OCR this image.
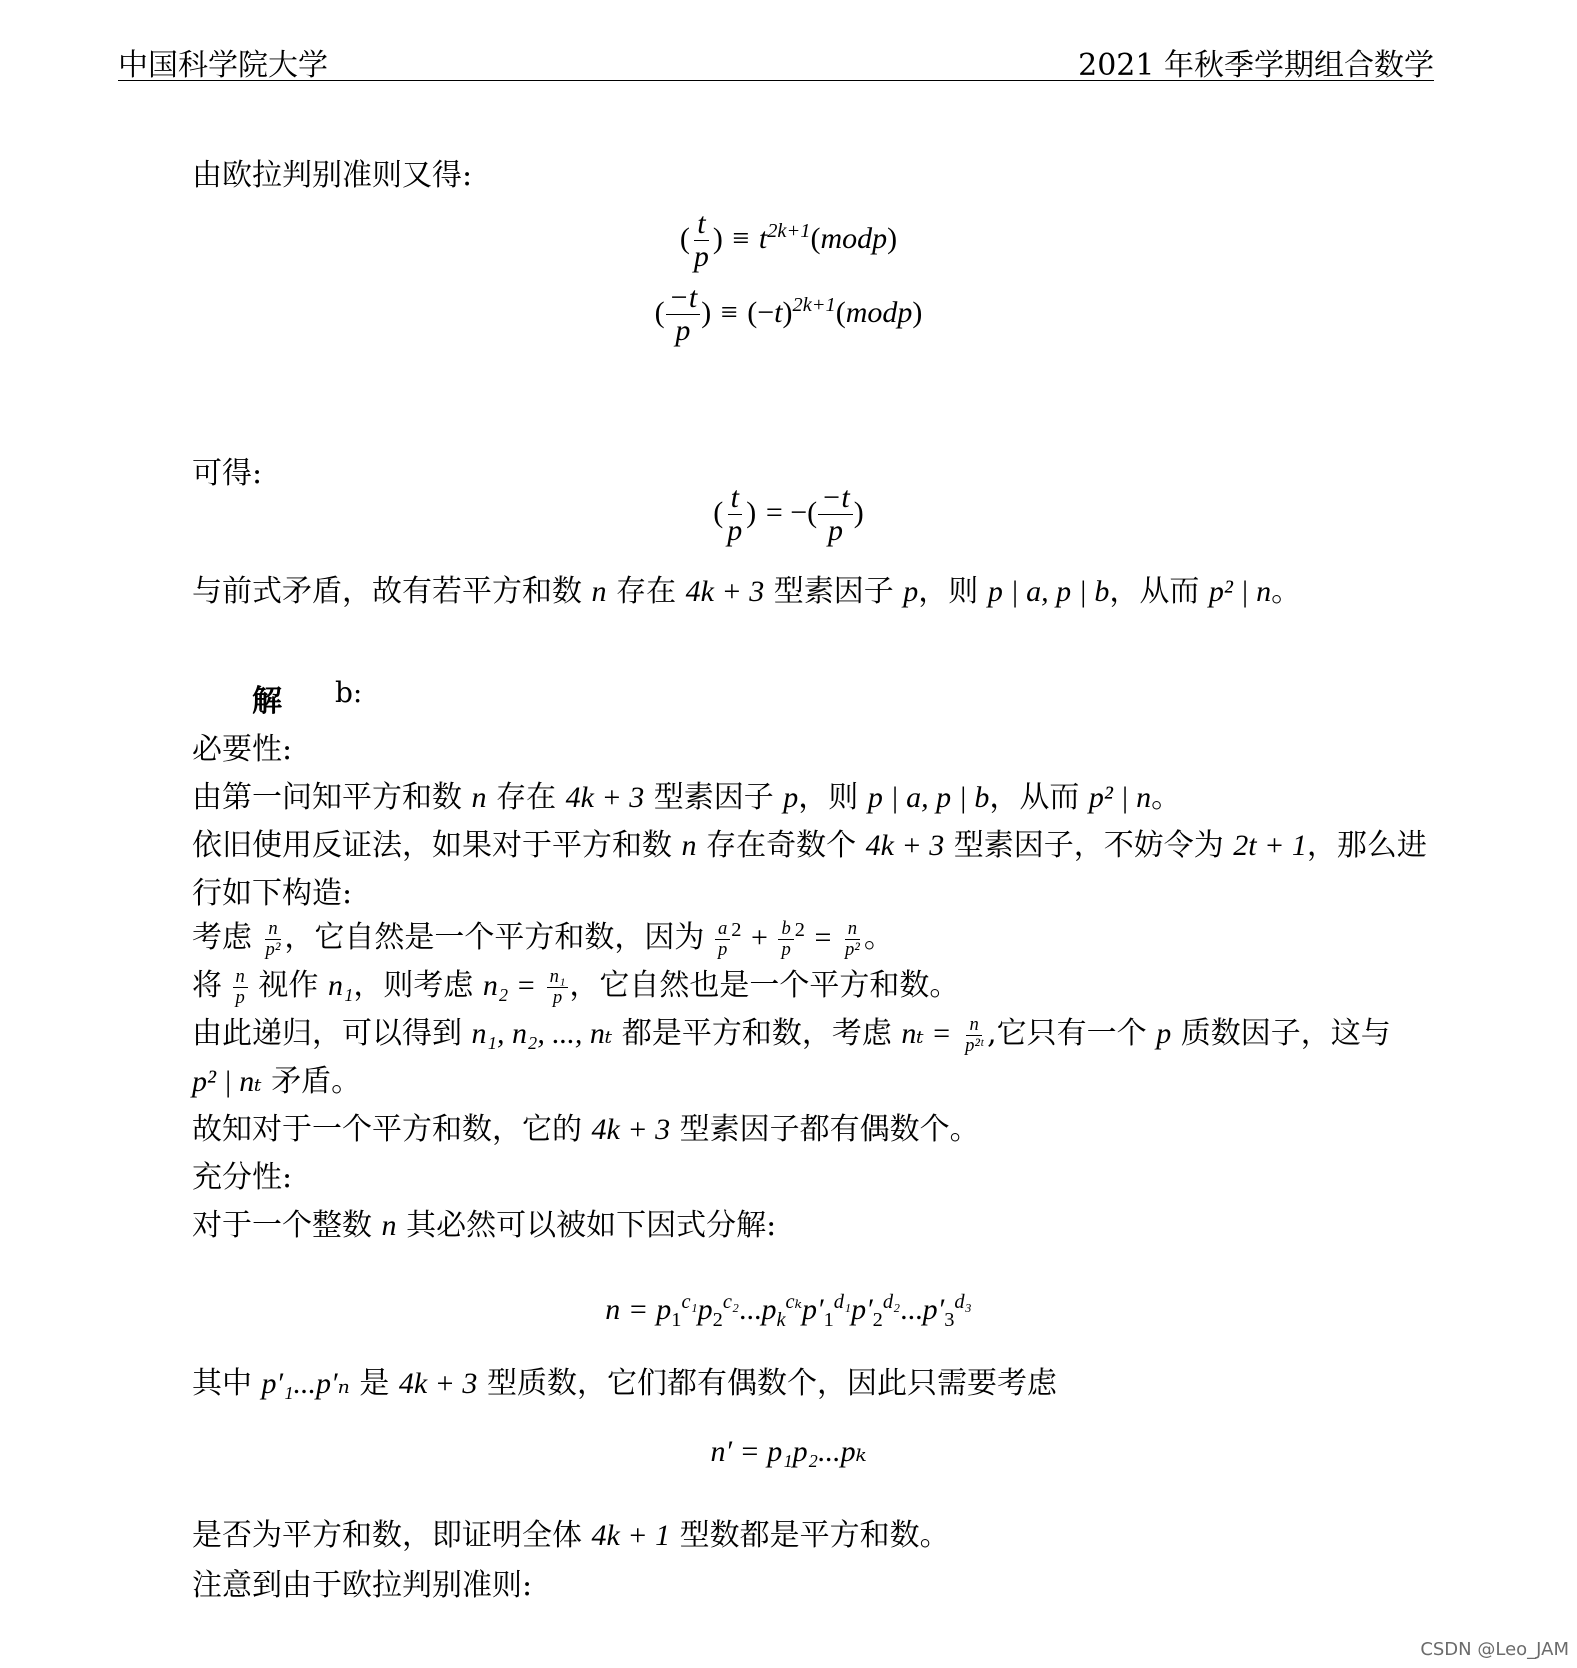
中国科学院大学	2021 年秋季学期组合数学
由欧拉判别准则又得:
( $\frac{t}{p}$ ) ≡ $t^{2k+1}(modp)$
( $\frac{-t}{p}$ ) ≡ $(-t)^{2k+1}(modp)$
可得:
( $\frac{t}{p}$ ) = −( $\frac{-t}{p}$ )
与前式矛盾，故有若平方和数 n 存在 4k + 3 型素因子 p，则 p | a, p | b，从而 p² | n。
解 b:
必要性:
由第一问知平方和数 n 存在 4k + 3 型素因子 p，则 p | a, p | b，从而 p² | n。
依旧使用反证法，如果对于平方和数 n 存在奇数个 4k + 3 型素因子，不妨令为 2t + 1，那么进
行如下构造:
考虑 $\frac{n}{\text{p²}}$ ，它自然是一个平方和数，因为 $\frac{a}{p} ^2 + \frac{b}{p} ^2 = \frac{n}{\text{p²}}$ 。
将 $\frac{n}{p}$ 视作 n₁，则考虑 $n_2 = \frac{\text{n₁}}{p}$ ，它自然也是一个平方和数。
由此递归，可以得到 n₁, n₂, ..., nₜ 都是平方和数，考虑 $n_t = \frac{n}{\text{p²ᵗ}}$ ,它只有一个 p 质数因子，这与
p² | nₜ 矛盾。
故知对于一个平方和数，它的 4k + 3 型素因子都有偶数个。
充分性:
对于一个整数 n 其必然可以被如下因式分解:
$n = p_1^{c_1}p_2^{c_2}...p_k^{c_k}p'_1^{d_1}p'_2^{d_2}...p'_3^{d_3}$
其中 p′₁...p′ₙ 是 4k + 3 型质数，它们都有偶数个，因此只需要考虑
n′ = p₁p₂...pₖ
是否为平方和数，即证明全体 4k + 1 型数都是平方和数。
注意到由于欧拉判别准则:
CSDN @Leo_JAM
